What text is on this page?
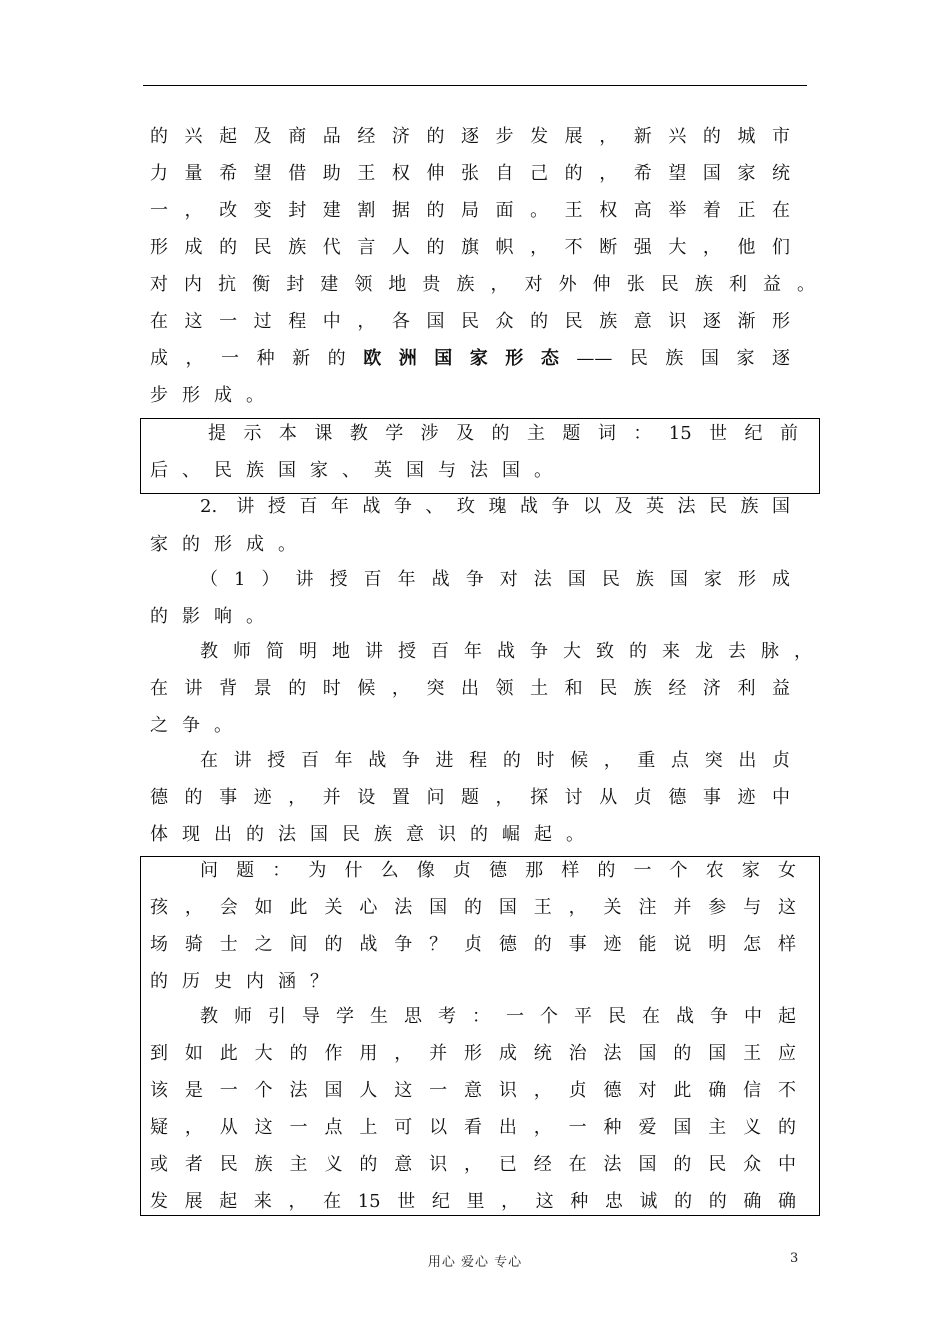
的兴起及商品经济的逐步发展，新兴的城市
力量希望借助王权伸张自己的，希望国家统
一，改变封建割据的局面。王权高举着正在
形成的民族代言人的旗帜，不断强大，他们
对内抗衡封建领地贵族，对外伸张民族利益。
在这一过程中，各国民众的民族意识逐渐形
成，一种新的欧洲国家形态——民族国家逐
步形成。
提示本课教学涉及的主题词：15世纪前
后、民族国家、英国与法国。
2. 讲授百年战争、玫瑰战争以及英法民族国
家的形成。
（1）讲授百年战争对法国民族国家形成
的影响。
教师简明地讲授百年战争大致的来龙去脉，
在讲背景的时候，突出领土和民族经济利益
之争。
在讲授百年战争进程的时候，重点突出贞
德的事迹，并设置问题，探讨从贞德事迹中
体现出的法国民族意识的崛起。
问题：为什么像贞德那样的一个农家女
孩，会如此关心法国的国王，关注并参与这
场骑士之间的战争？贞德的事迹能说明怎样
的历史内涵？
教师引导学生思考：一个平民在战争中起
到如此大的作用，并形成统治法国的国王应
该是一个法国人这一意识，贞德对此确信不
疑，从这一点上可以看出，一种爱国主义的
或者民族主义的意识，已经在法国的民众中
发展起来，在15世纪里，这种忠诚的的确确
用心 爱心 专心	3
